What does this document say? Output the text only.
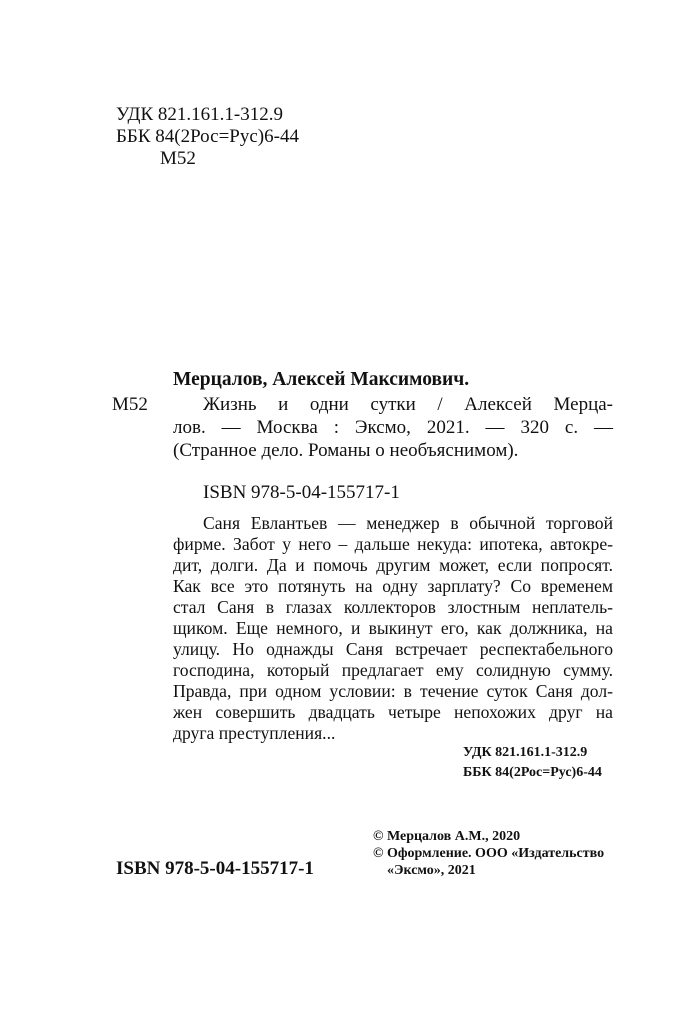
УДК 821.161.1-312.9
ББК 84(2Рос=Рус)6-44
М52
Мерцалов, Алексей Максимович.
М52	Жизнь и одни сутки / Алексей Мерца-
лов. — Москва : Эксмо, 2021. — 320 с. —
(Странное дело. Романы о необъяснимом).
ISBN 978-5-04-155717-1
Саня Евлантьев — менеджер в обычной торговой
фирме. Забот у него – дальше некуда: ипотека, автокре-
дит, долги. Да и помочь другим может, если попросят.
Как все это потянуть на одну зарплату? Со временем
стал Саня в глазах коллекторов злостным неплатель-
щиком. Еще немного, и выкинут его, как должника, на
улицу. Но однажды Саня встречает респектабельного
господина, который предлагает ему солидную сумму.
Правда, при одном условии: в течение суток Саня дол-
жен совершить двадцать четыре непохожих друг на
друга преступления...
УДК 821.161.1-312.9
ББК 84(2Рос=Рус)6-44
ISBN 978-5-04-155717-1
© Мерцалов А.М., 2020
© Оформление. ООО «Издательство
«Эксмо», 2021
